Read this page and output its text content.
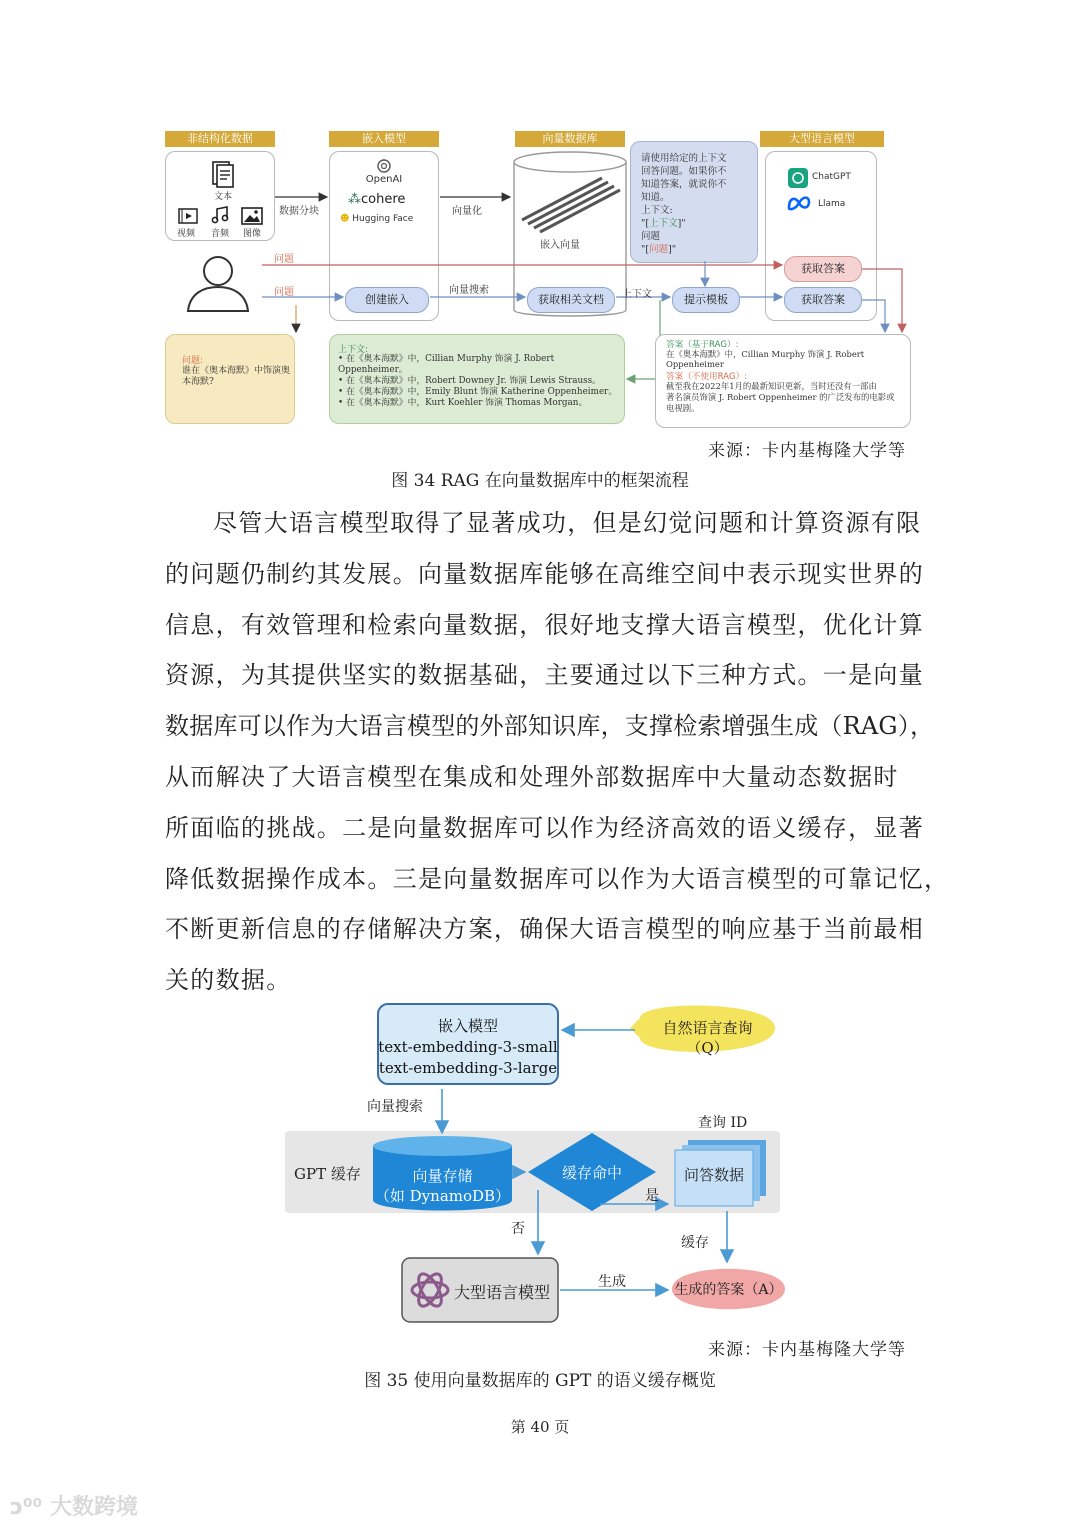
非结构化数据	嵌入模型	向量数据库	大型语言模型
文本
视频 音频 图像
OpenAI
⁂cohere
☻ Hugging Face
嵌入向量
请使用给定的上下文
回答问题。如果你不
知道答案，就说你不
知道。
上下文:
"[上下文]"
问题
"[问题]"
ChatGPT
Llama
数据分块	向量化
问题
问题	向量搜索	上下文
创建嵌入	获取相关文档	提示模板
获取答案
获取答案
问题:
谁在《奥本海默》中饰演奥
本海默?
上下文:
• 在《奥本海默》中，Cillian Murphy 饰演 J. Robert Oppenheimer。
• 在《奥本海默》中，Robert Downey Jr. 饰演 Lewis Strauss。
• 在《奥本海默》中，Emily Blunt 饰演 Katherine Oppenheimer。
• 在《奥本海默》中，Kurt Koehler 饰演 Thomas Morgan。
答案（基于RAG）:
在《奥本海默》中，Cillian Murphy 饰演 J. Robert
Oppenheimer
答案（不使用RAG）:
截至我在2022年1月的最新知识更新，当时还没有一部由
著名演员饰演 J. Robert Oppenheimer 的广泛发布的电影或
电视剧。
来源：卡内基梅隆大学等
图 34 RAG 在向量数据库中的框架流程
尽管大语言模型取得了显著成功，但是幻觉问题和计算资源有限
的问题仍制约其发展。向量数据库能够在高维空间中表示现实世界的
信息，有效管理和检索向量数据，很好地支撑大语言模型，优化计算
资源，为其提供坚实的数据基础，主要通过以下三种方式。一是向量
数据库可以作为大语言模型的外部知识库，支撑检索增强生成（RAG），
从而解决了大语言模型在集成和处理外部数据库中大量动态数据时
所面临的挑战。二是向量数据库可以作为经济高效的语义缓存，显著
降低数据操作成本。三是向量数据库可以作为大语言模型的可靠记忆，
不断更新信息的存储解决方案，确保大语言模型的响应基于当前最相
关的数据。
嵌入模型
text-embedding-3-small
text-embedding-3-large
自然语言查询
（Q）
向量搜索
GPT 缓存	向量存储
（如 DynamoDB）
缓存命中
查询 ID
问答数据
是
否
缓存
大型语言模型
生成	生成的答案（A）
来源：卡内基梅隆大学等
图 35 使用向量数据库的 GPT 的语义缓存概览
第 40 页
ↄ⁰⁰ 大数跨境
